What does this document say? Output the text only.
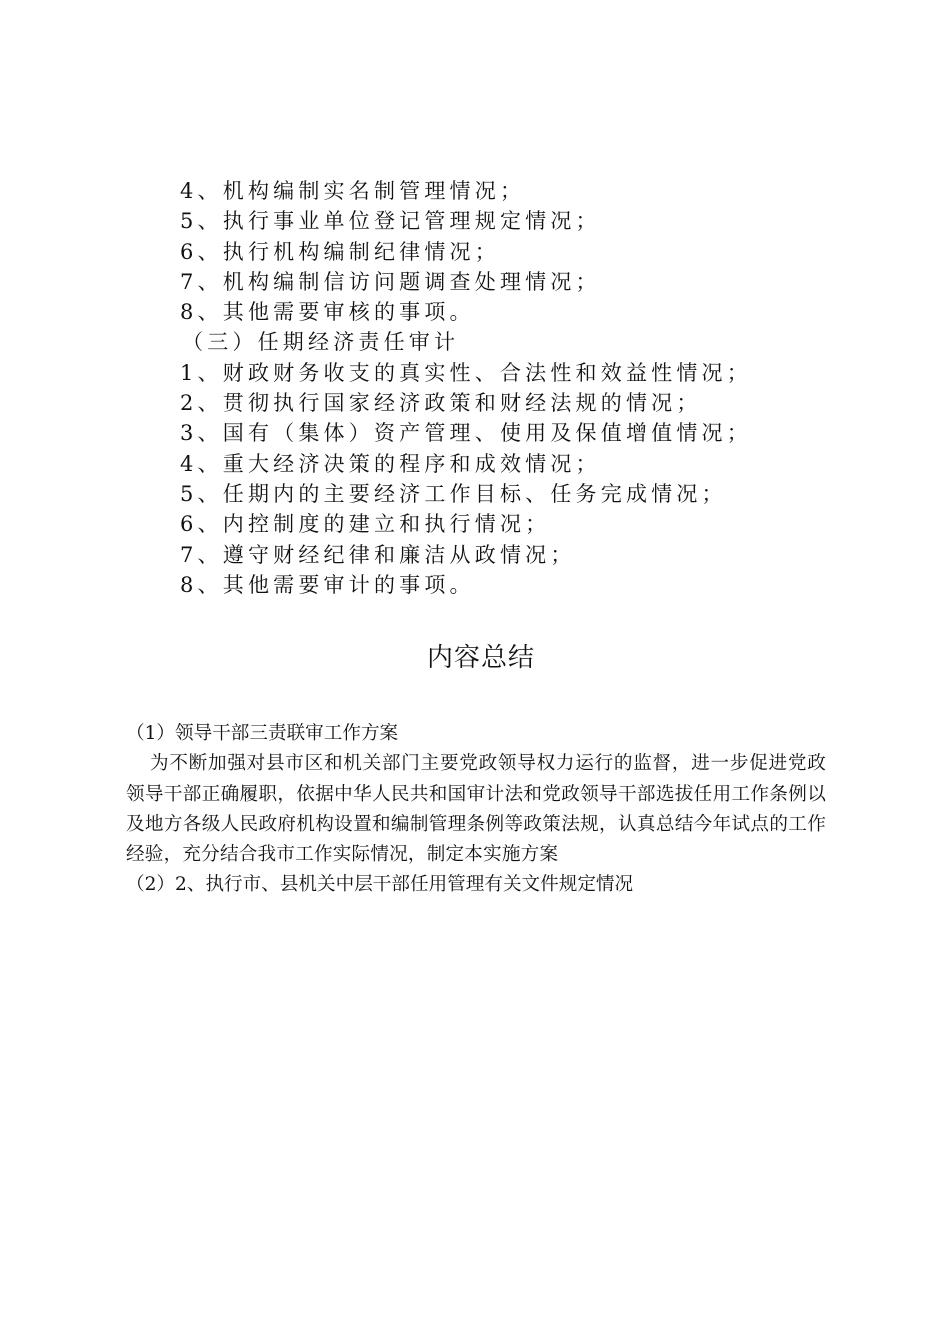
4、机构编制实名制管理情况；
5、执行事业单位登记管理规定情况；
6、执行机构编制纪律情况；
7、机构编制信访问题调查处理情况；
8、其他需要审核的事项。
（三）任期经济责任审计
1、财政财务收支的真实性、合法性和效益性情况；
2、贯彻执行国家经济政策和财经法规的情况；
3、国有（集体）资产管理、使用及保值增值情况；
4、重大经济决策的程序和成效情况；
5、任期内的主要经济工作目标、任务完成情况；
6、内控制度的建立和执行情况；
7、遵守财经纪律和廉洁从政情况；
8、其他需要审计的事项。
内容总结

（1）领导干部三责联审工作方案

为不断加强对县市区和机关部门主要党政领导权力运行的监督，进一步促进党政领导干部正确履职，依据中华人民共和国审计法和党政领导干部选拔任用工作条例以及地方各级人民政府机构设置和编制管理条例等政策法规，认真总结今年试点的工作经验，充分结合我市工作实际情况，制定本实施方案

（2）2、执行市、县机关中层干部任用管理有关文件规定情况
